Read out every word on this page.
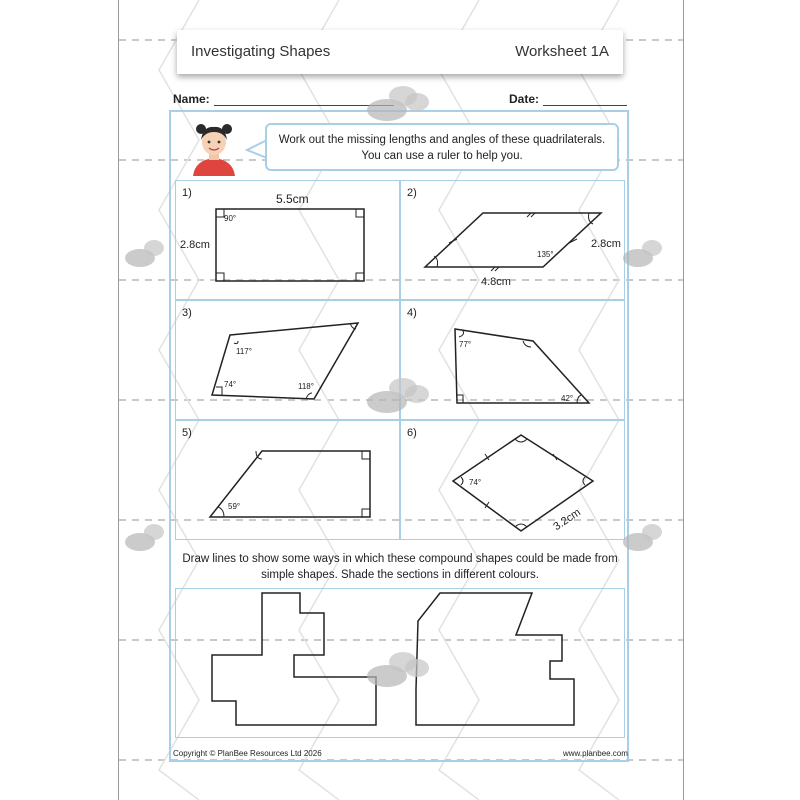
Investigating Shapes	Worksheet 1A
Name:	Date:
Work out the missing lengths and angles of these quadrilaterals.
You can use a ruler to help you.
1)	5.5cm
2.8cm
90°
2)
4.8cm
2.8cm
135°
3)
117°
74°	118°
4)
77°
42°
5)
59°
6)
74°
3.2cm
Draw lines to show some ways in which these compound shapes could be made from
simple shapes. Shade the sections in different colours.
Copyright © PlanBee Resources Ltd 2026	www.planbee.com
